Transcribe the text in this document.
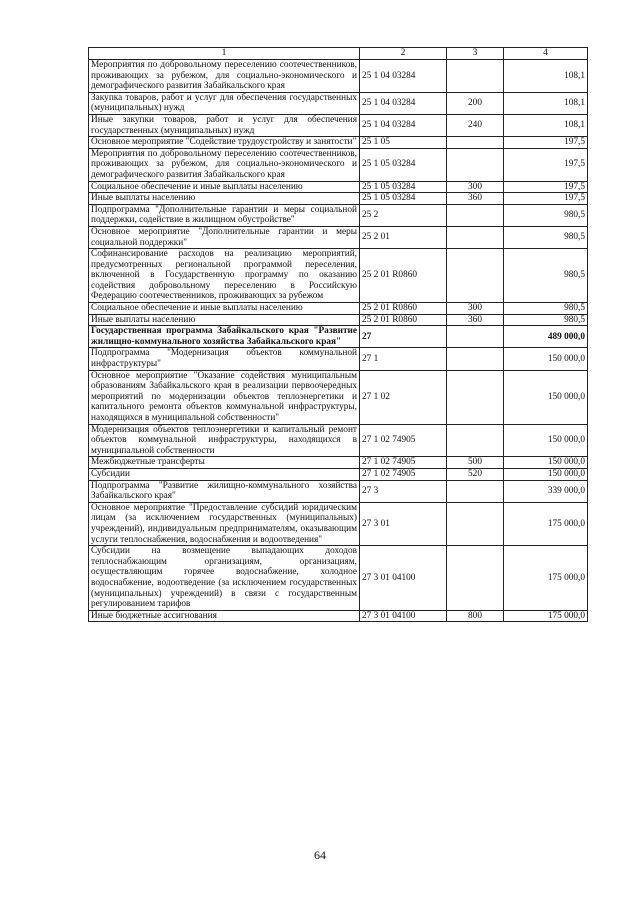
1	2	3	4
Мероприятия по добровольному переселению соотечественников, проживающих за рубежом, для социально-экономического и демографического развития Забайкальского края	25 1 04 03284		108,1
Закупка товаров, работ и услуг для обеспечения государственных (муниципальных) нужд	25 1 04 03284	200	108,1
Иные закупки товаров, работ и услуг для обеспечения государственных (муниципальных) нужд	25 1 04 03284	240	108,1
Основное мероприятие "Содействие трудоустройству и занятости"	25 1 05		197,5
Мероприятия по добровольному переселению соотечественников, проживающих за рубежом, для социально-экономического и демографического развития Забайкальского края	25 1 05 03284		197,5
Социальное обеспечение и иные выплаты населению	25 1 05 03284	300	197,5
Иные выплаты населению	25 1 05 03284	360	197,5
Подпрограмма "Дополнительные гарантии и меры социальной поддержки, содействие в жилищном обустройстве"	25 2		980,5
Основное мероприятие "Дополнительные гарантии и меры социальной поддержки"	25 2 01		980,5
Софинансирование расходов на реализацию мероприятий, предусмотренных региональной программой переселения, включенной в Государственную программу по оказанию содействия добровольному переселению в Российскую Федерацию соотечественников, проживающих за рубежом	25 2 01 R0860		980,5
Социальное обеспечение и иные выплаты населению	25 2 01 R0860	300	980,5
Иные выплаты населению	25 2 01 R0860	360	980,5
Государственная программа Забайкальского края "Развитие жилищно-коммунального хозяйства Забайкальского края"	27		489 000,0
Подпрограмма "Модернизация объектов коммунальной инфраструктуры"	27 1		150 000,0
Основное мероприятие "Оказание содействия муниципальным образованиям Забайкальского края в реализации первоочередных мероприятий по модернизации объектов теплоэнергетики и капитального ремонта объектов коммунальной инфраструктуры, находящихся в муниципальной собственности"	27 1 02		150 000,0
Модернизация объектов теплоэнергетики и капитальный ремонт объектов коммунальной инфраструктуры, находящихся в муниципальной собственности	27 1 02 74905		150 000,0
Межбюджетные трансферты	27 1 02 74905	500	150 000,0
Субсидии	27 1 02 74905	520	150 000,0
Подпрограмма "Развитие жилищно-коммунального хозяйства Забайкальского края"	27 3		339 000,0
Основное мероприятие "Предоставление субсидий юридическим лицам (за исключением государственных (муниципальных) учреждений), индивидуальным предпринимателям, оказывающим услуги теплоснабжения, водоснабжения и водоотведения"	27 3 01		175 000,0
Субсидии на возмещение выпадающих доходов теплоснабжающим организациям, организациям, осуществляющим горячее водоснабжение, холодное водоснабжение, водоотведение (за исключением государственных (муниципальных) учреждений) в связи с государственным регулированием тарифов	27 3 01 04100		175 000,0
Иные бюджетные ассигнования	27 3 01 04100	800	175 000,0
64
